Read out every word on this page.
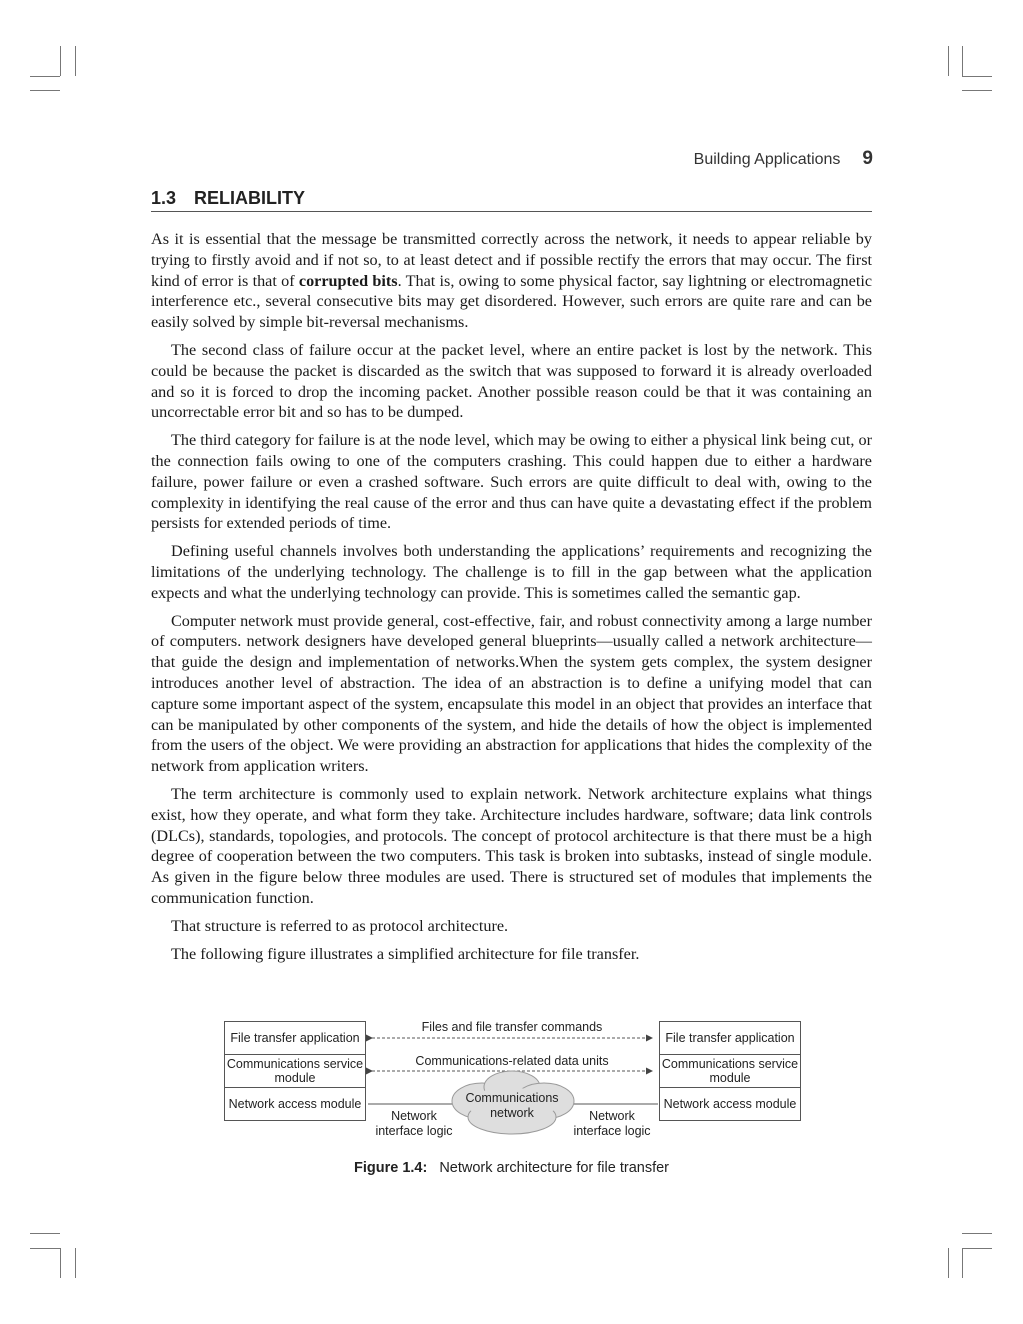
Building Applications 9
1.3 RELIABILITY

As it is essential that the message be transmitted correctly across the network, it needs to appear reliable by trying to firstly avoid and if not so, to at least detect and if possible rectify the errors that may occur. The first kind of error is that of corrupted bits. That is, owing to some physical factor, say lightning or electromagnetic interference etc., several consecutive bits may get disordered. However, such errors are quite rare and can be easily solved by simple bit-reversal mechanisms.

The second class of failure occur at the packet level, where an entire packet is lost by the network. This could be because the packet is discarded as the switch that was supposed to forward it is already overloaded and so it is forced to drop the incoming packet. Another possible reason could be that it was containing an uncorrectable error bit and so has to be dumped.

The third category for failure is at the node level, which may be owing to either a physical link being cut, or the connection fails owing to one of the computers crashing. This could happen due to either a hardware failure, power failure or even a crashed software. Such errors are quite difficult to deal with, owing to the complexity in identifying the real cause of the error and thus can have quite a devastating effect if the problem persists for extended periods of time.

Defining useful channels involves both understanding the applications’ requirements and recognizing the limitations of the underlying technology. The challenge is to fill in the gap between what the application expects and what the underlying technology can provide. This is sometimes called the semantic gap.

Computer network must provide general, cost-effective, fair, and robust connectivity among a large number of computers. network designers have developed general blueprints—usually called a network architecture—that guide the design and implementation of networks.When the system gets complex, the system designer introduces another level of abstraction. The idea of an abstraction is to define a unifying model that can capture some important aspect of the system, encapsulate this model in an object that provides an interface that can be manipulated by other components of the system, and hide the details of how the object is implemented from the users of the object. We were providing an abstraction for applications that hides the complexity of the network from application writers.

The term architecture is commonly used to explain network. Network architecture explains what things exist, how they operate, and what form they take. Architecture includes hardware, software; data link controls (DLCs), standards, topologies, and protocols. The concept of protocol architecture is that there must be a high degree of cooperation between the two computers. This task is broken into subtasks, instead of single module. As given in the figure below three modules are used. There is structured set of modules that implements the communication function.

That structure is referred to as protocol architecture.

The following figure illustrates a simplified architecture for file transfer.

File transfer application
Communications service module
Network access module
File transfer application
Communications service module
Network access module
Files and file transfer commands
Communications-related data units
Communications network
Network interface logic
Network interface logic
Figure 1.4: Network architecture for file transfer
